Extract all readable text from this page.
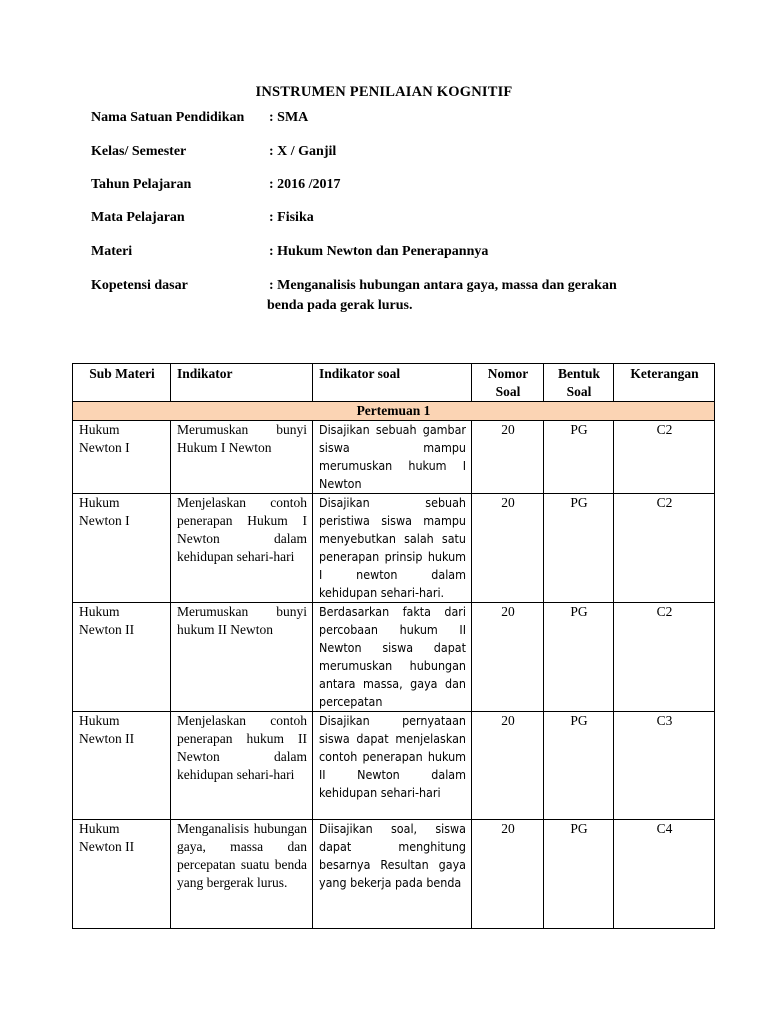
INSTRUMEN PENILAIAN KOGNITIF
Nama Satuan Pendidikan : SMA
Kelas/ Semester	: X / Ganjil
Tahun Pelajaran	: 2016 /2017
Mata Pelajaran	: Fisika
Materi	: Hukum Newton dan Penerapannya
Kopetensi dasar	: Menganalisis hubungan antara gaya, massa dan gerakan
benda pada gerak lurus.
Sub Materi	Indikator	Indikator soal	Nomor Soal	Bentuk Soal	Keterangan
Pertemuan 1					
Hukum Newton I	Merumuskan bunyi Hukum I Newton	Disajikan sebuah gambar siswa mampu merumuskan hukum I Newton	20	PG	C2
Hukum Newton I	Menjelaskan contoh penerapan Hukum I Newton dalam kehidupan sehari-hari	Disajikan sebuah peristiwa siswa mampu menyebutkan salah satu penerapan prinsip hukum I newton dalam kehidupan sehari-hari.	20	PG	C2
Hukum Newton II	Merumuskan bunyi hukum II Newton	Berdasarkan fakta dari percobaan hukum II Newton siswa dapat merumuskan hubungan antara massa, gaya dan percepatan	20	PG	C2
Hukum Newton II	Menjelaskan contoh penerapan hukum II Newton dalam kehidupan sehari-hari	Disajikan pernyataan siswa dapat menjelaskan contoh penerapan hukum II Newton dalam kehidupan sehari-hari	20	PG	C3
Hukum Newton II	Menganalisis hubungan gaya, massa dan percepatan suatu benda yang bergerak lurus.	Diisajikan soal, siswa dapat menghitung besarnya Resultan gaya yang bekerja pada benda	20	PG	C4
